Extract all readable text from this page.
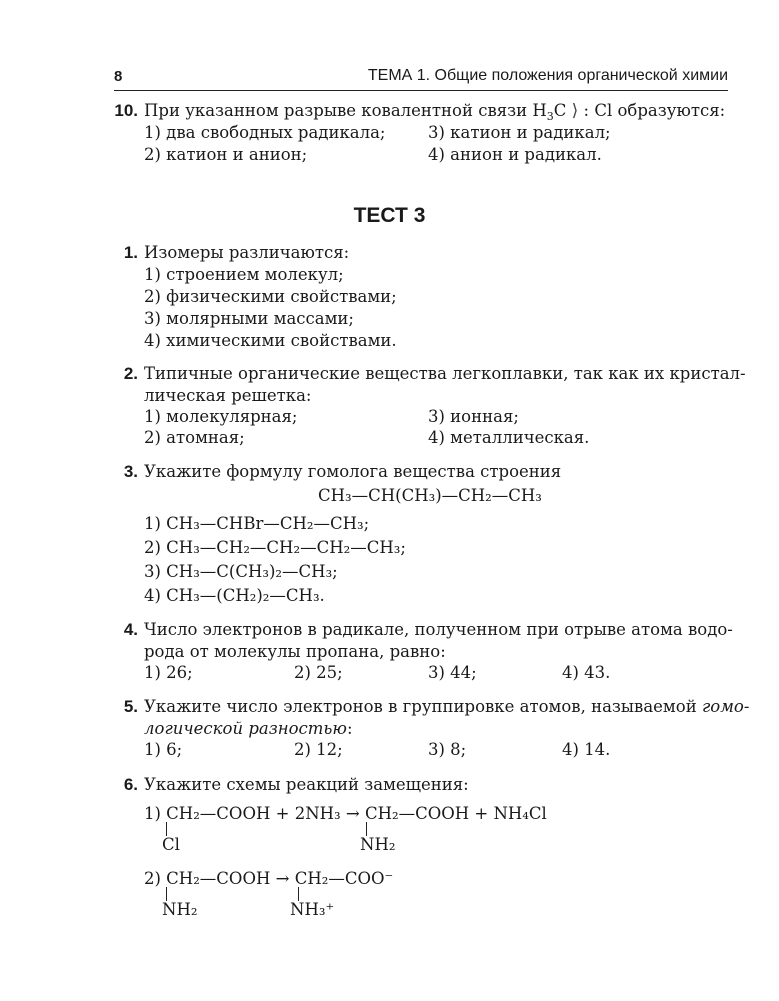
8	ТЕМА 1. Общие положения органической химии
10. При указанном разрыве ковалентной связи $H_3C$ ⟩ : Cl образуются:
1) два свободных радикала;	3) катион и радикал;
2) катион и анион;	4) анион и радикал.
ТЕСТ 3
1. Изомеры различаются:
1) строением молекул;
2) физическими свойствами;
3) молярными массами;
4) химическими свойствами.
2. Типичные органические вещества легкоплавки, так как их кристал-
лическая решетка:
1) молекулярная;	3) ионная;
2) атомная;	4) металлическая.
3. Укажите формулу гомолога вещества строения
CH₃—CH(CH₃)—CH₂—CH₃
1) CH₃—CHBr—CH₂—CH₃;
2) CH₃—CH₂—CH₂—CH₂—CH₃;
3) CH₃—C(CH₃)₂—CH₃;
4) CH₃—(CH₂)₂—CH₃.
4. Число электронов в радикале, полученном при отрыве атома водо-
рода от молекулы пропана, равно:
1) 26;	2) 25;	3) 44;	4) 43.
5. Укажите число электронов в группировке атомов, называемой гомо-
логической разностью:
1) 6;	2) 12;	3) 8;	4) 14.
6. Укажите схемы реакций замещения:
1) CH₂—COOH + 2NH₃ → CH₂—COOH + NH₄Cl
Cl	NH₂
2) CH₂—COOH → CH₂—COO⁻
NH₂	NH₃⁺
